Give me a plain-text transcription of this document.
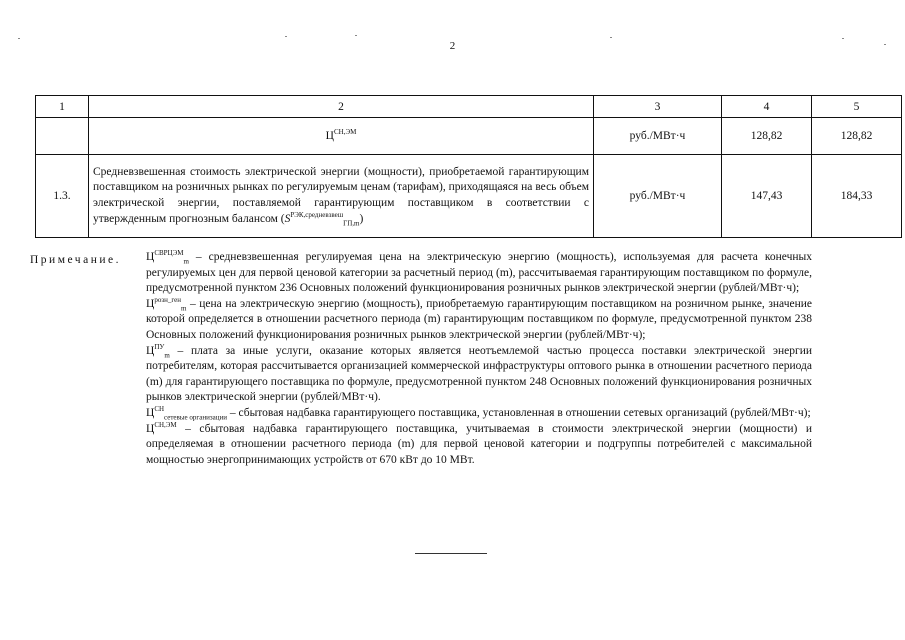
2
1	2	3	4	5
	$Ц^{СН,ЭМ}$	руб./МВт·ч	128,82	128,82
1.3.	Средневзвешенная стоимость электрической энергии (мощности), приобретаемой гарантирующим поставщиком на розничных рынках по регулируемым ценам (тарифам), приходящаяся на весь объем электрической энергии, поставляемой гарантирующим поставщиком в соответствии с утвержденным прогнозным балансом $(S^{РЭК,средневзвеш}_{ГП,m})$	руб./МВт·ч	147,43	184,33
Примечание. $Ц^{СВРЦЭМ}_m$ – средневзвешенная регулируемая цена на электрическую энергию (мощность), используемая для расчета конечных регулируемых цен для первой ценовой категории за расчетный период (m), рассчитываемая гарантирующим поставщиком по формуле, предусмотренной пунктом 236 Основных положений функционирования розничных рынков электрической энергии (рублей/МВт·ч);

$Ц^{розн\_ген}_m$ – цена на электрическую энергию (мощность), приобретаемую гарантирующим поставщиком на розничном рынке, значение которой определяется в отношении расчетного периода (m) гарантирующим поставщиком по формуле, предусмотренной пунктом 238 Основных положений функционирования розничных рынков электрической энергии (рублей/МВт·ч);

$Ц^{ПУ}_m$ – плата за иные услуги, оказание которых является неотъемлемой частью процесса поставки электрической энергии потребителям, которая рассчитывается организацией коммерческой инфраструктуры оптового рынка в отношении расчетного периода (m) для гарантирующего поставщика по формуле, предусмотренной пунктом 248 Основных положений функционирования розничных рынков электрической энергии (рублей/МВт·ч).

$Ц^{СН}_{сетевые организации}$ – сбытовая надбавка гарантирующего поставщика, установленная в отношении сетевых организаций (рублей/МВт·ч);

$Ц^{СН,ЭМ}$ – сбытовая надбавка гарантирующего поставщика, учитываемая в стоимости электрической энергии (мощности) и определяемая в отношении расчетного периода (m) для первой ценовой категории и подгруппы потребителей с максимальной мощностью энергопринимающих устройств от 670 кВт до 10 МВт.
